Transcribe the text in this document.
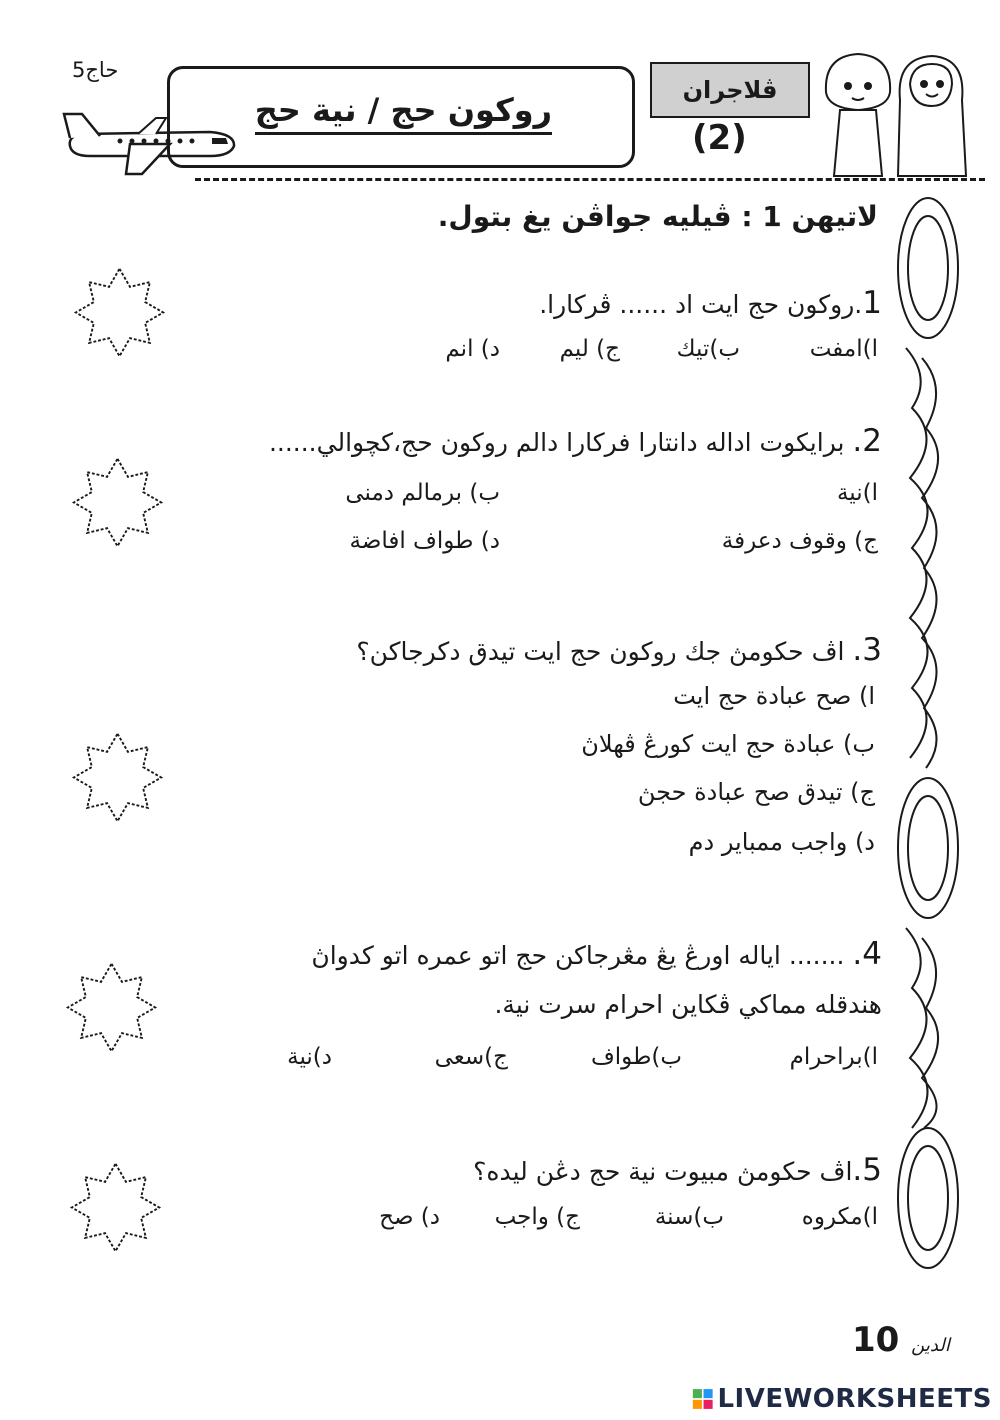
حاج5
روكون حج / نية حج
ڤلاجران
(2)
لاتيهن 1 : ڤيليه جواڤن يغ بتول.
1.روكون حج ايت اد ...... ڤركارا.
ا)امفت
ب)تيك
ج) ليم
د) انم
2. برايكوت اداله دانتارا فركارا دالم روكون حج،كچوالي......
ا)نية
ب) برمالم دمنى
ج) وقوف دعرفة
د) طواف افاضة
3. اڤ حكومڽ جك روكون حج ايت تيدق دكرجاكن؟
ا) صح عبادة حج ايت
ب) عبادة حج ايت كورڠ ڤهلاڽ
ج) تيدق صح عبادة حجڽ
د) واجب ممباير دم
4. ....... اياله اورڠ يڠ مڠرجاكن حج اتو عمره اتو كدواڽ
هندقله مماكي ڤكاين احرام سرت نية.
ا)براحرام
ب)طواف
ج)سعى
د)نية
5.اڤ حكومڽ مبيوت نية حج دڠن ليده؟
ا)مكروه
ب)سنة
ج) واجب
د) صح
الدين 10
LIVEWORKSHEETS
